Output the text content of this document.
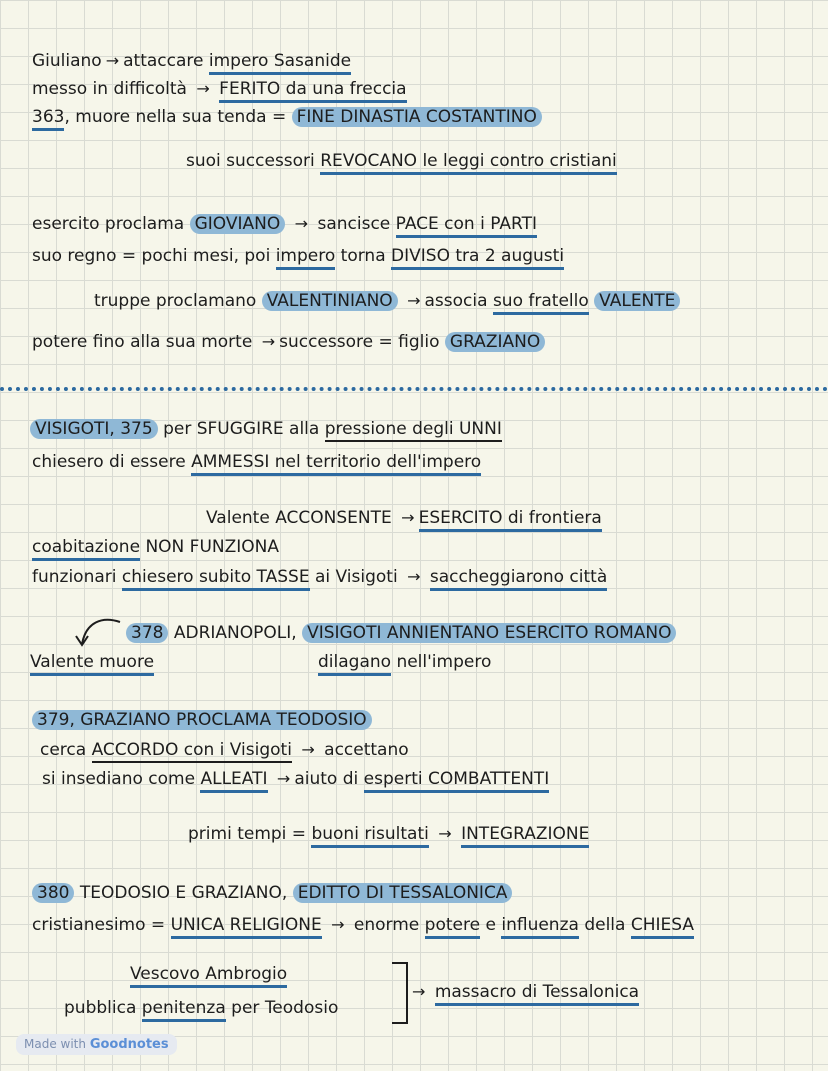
Giuliano → attaccare impero Sasanide
messo in difficoltà → FERITO da una freccia
363, muore nella sua tenda = FINE DINASTIA COSTANTINO
suoi successori REVOCANO le leggi contro cristiani
esercito proclama GIOVIANO → sancisce PACE con i PARTI
suo regno = pochi mesi, poi impero torna DIVISO tra 2 augusti
truppe proclamano VALENTINIANO → associa suo fratello VALENTE
potere fino alla sua morte → successore = figlio GRAZIANO
VISIGOTI, 375 per SFUGGIRE alla pressione degli UNNI
chiesero di essere AMMESSI nel territorio dell'impero
Valente ACCONSENTE → ESERCITO di frontiera
coabitazione NON FUNZIONA
funzionari chiesero subito TASSE ai Visigoti → saccheggiarono città
378 ADRIANOPOLI, VISIGOTI ANNIENTANO ESERCITO ROMANO
Valente muore	dilagano nell'impero
379, GRAZIANO PROCLAMA TEODOSIO
cerca ACCORDO con i Visigoti → accettano
si insediano come ALLEATI → aiuto di esperti COMBATTENTI
primi tempi = buoni risultati → INTEGRAZIONE
380 TEODOSIO E GRAZIANO, EDITTO DI TESSALONICA
cristianesimo = UNICA RELIGIONE → enorme potere e influenza della CHIESA
Vescovo Ambrogio
pubblica penitenza per Teodosio
→ massacro di Tessalonica
Made with Goodnotes
